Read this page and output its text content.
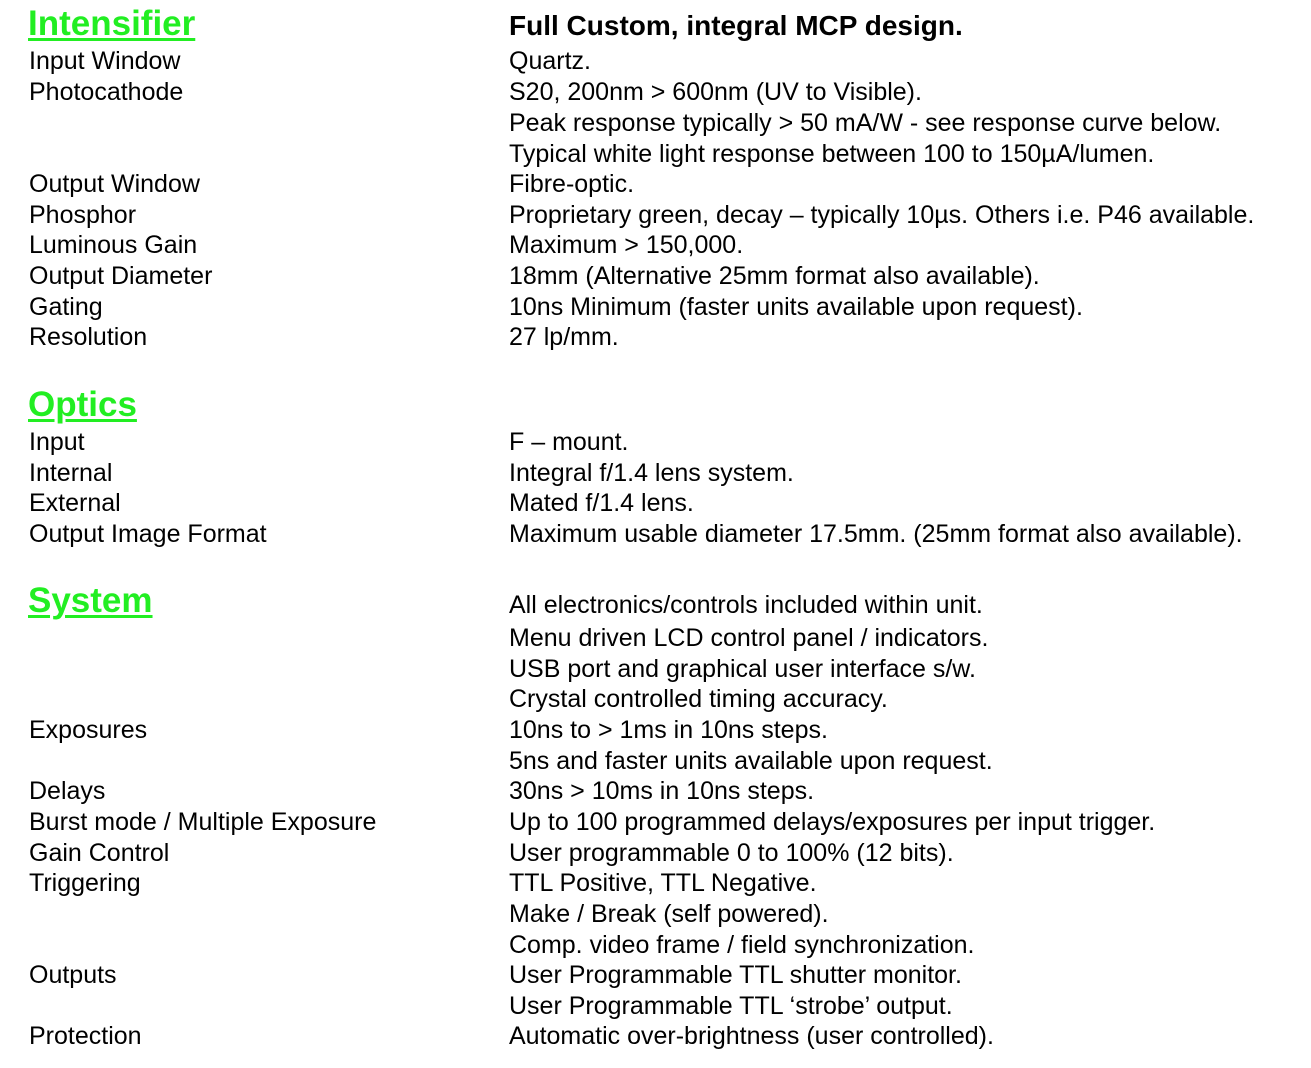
Intensifier	Full Custom, integral MCP design.
Input Window	Quartz.
Photocathode	S20, 200nm > 600nm (UV to Visible).
Peak response typically > 50 mA/W - see response curve below.
Typical white light response between 100 to 150µA/lumen.
Output Window	Fibre-optic.
Phosphor	Proprietary green, decay – typically 10µs. Others i.e. P46 available.
Luminous Gain	Maximum > 150,000.
Output Diameter	18mm (Alternative 25mm format also available).
Gating	10ns Minimum (faster units available upon request).
Resolution	27 lp/mm.
Optics
Input	F – mount.
Internal	Integral f/1.4 lens system.
External	Mated f/1.4 lens.
Output Image Format	Maximum usable diameter 17.5mm. (25mm format also available).
System	All electronics/controls included within unit.
Menu driven LCD control panel / indicators.
USB port and graphical user interface s/w.
Crystal controlled timing accuracy.
Exposures	10ns to > 1ms in 10ns steps.
5ns and faster units available upon request.
Delays	30ns > 10ms in 10ns steps.
Burst mode / Multiple Exposure	Up to 100 programmed delays/exposures per input trigger.
Gain Control	User programmable 0 to 100% (12 bits).
Triggering	TTL Positive, TTL Negative.
Make / Break (self powered).
Comp. video frame / field synchronization.
Outputs	User Programmable TTL shutter monitor.
User Programmable TTL ‘strobe’ output.
Protection	Automatic over-brightness (user controlled).
